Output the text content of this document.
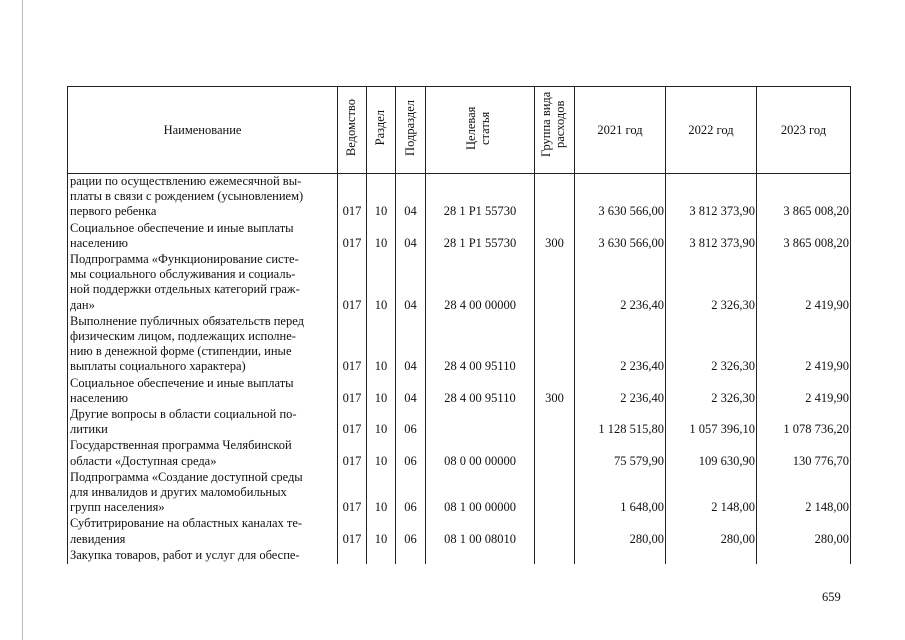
Наименование	Ведомство	Раздел	Подраздел	Целевая статья	Группа вида расходов	2021 год	2022 год	2023 год

рации по осуществлению ежемесячной вы-
платы в связи с рождением (усыновлением)
первого ребенка	017	10	04	28 1 P1 55730		3 630 566,00	3 812 373,90	3 865 008,20

Социальное обеспечение и иные выплаты
населению	017	10	04	28 1 P1 55730	300	3 630 566,00	3 812 373,90	3 865 008,20

Подпрограмма «Функционирование систе-
мы социального обслуживания и социаль-
ной поддержки отдельных категорий граж-
дан»	017	10	04	28 4 00 00000		2 236,40	2 326,30	2 419,90

Выполнение публичных обязательств перед
физическим лицом, подлежащих исполне-
нию в денежной форме (стипендии, иные
выплаты социального характера)	017	10	04	28 4 00 95110		2 236,40	2 326,30	2 419,90

Социальное обеспечение и иные выплаты
населению	017	10	04	28 4 00 95110	300	2 236,40	2 326,30	2 419,90

Другие вопросы в области социальной по-
литики	017	10	06			1 128 515,80	1 057 396,10	1 078 736,20

Государственная программа Челябинской
области «Доступная среда»	017	10	06	08 0 00 00000		75 579,90	109 630,90	130 776,70

Подпрограмма «Создание доступной среды
для инвалидов и других маломобильных
групп населения»	017	10	06	08 1 00 00000		1 648,00	2 148,00	2 148,00

Субтитрирование на областных каналах те-
левидения	017	10	06	08 1 00 08010		280,00	280,00	280,00

Закупка товаров, работ и услуг для обеспе-								

659
